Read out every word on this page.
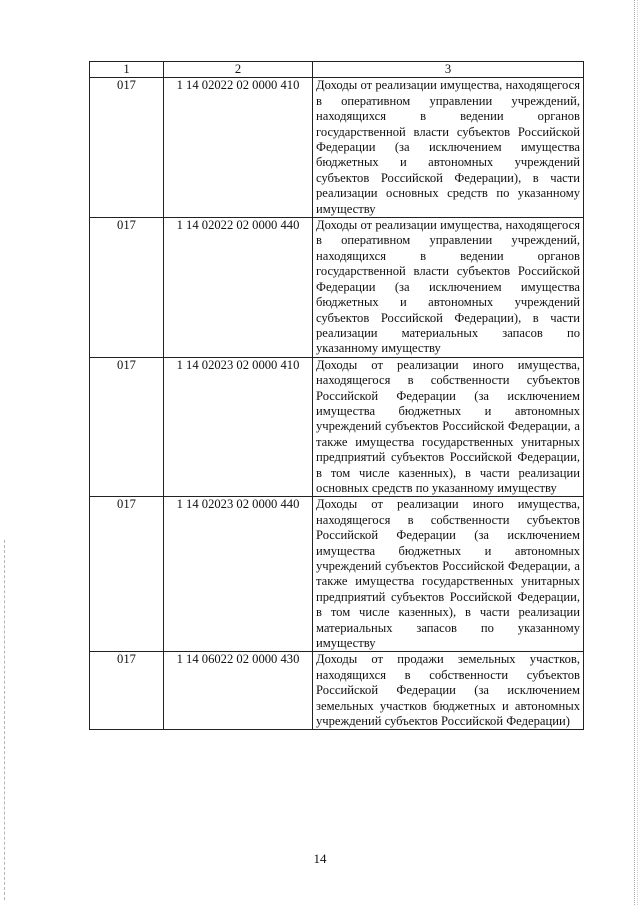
1	2	3
017	1 14 02022 02 0000 410	Доходы от реализации имущества, находящегося в оперативном управлении учреждений, находящихся в ведении органов государственной власти субъектов Российской Федерации (за исключением имущества бюджетных и автономных учреждений субъектов Российской Федерации), в части реализации основных средств по указанному имуществу
017	1 14 02022 02 0000 440	Доходы от реализации имущества, находящегося в оперативном управлении учреждений, находящихся в ведении органов государственной власти субъектов Российской Федерации (за исключением имущества бюджетных и автономных учреждений субъектов Российской Федерации), в части реализации материальных запасов по указанному имуществу
017	1 14 02023 02 0000 410	Доходы от реализации иного имущества, находящегося в собственности субъектов Российской Федерации (за исключением имущества бюджетных и автономных учреждений субъектов Российской Федерации, а также имущества государственных унитарных предприятий субъектов Российской Федерации, в том числе казенных), в части реализации основных средств по указанному имуществу
017	1 14 02023 02 0000 440	Доходы от реализации иного имущества, находящегося в собственности субъектов Российской Федерации (за исключением имущества бюджетных и автономных учреждений субъектов Российской Федерации, а также имущества государственных унитарных предприятий субъектов Российской Федерации, в том числе казенных), в части реализации материальных запасов по указанному имуществу
017	1 14 06022 02 0000 430	Доходы от продажи земельных участков, находящихся в собственности субъектов Российской Федерации (за исключением земельных участков бюджетных и автономных учреждений субъектов Российской Федерации)
14
